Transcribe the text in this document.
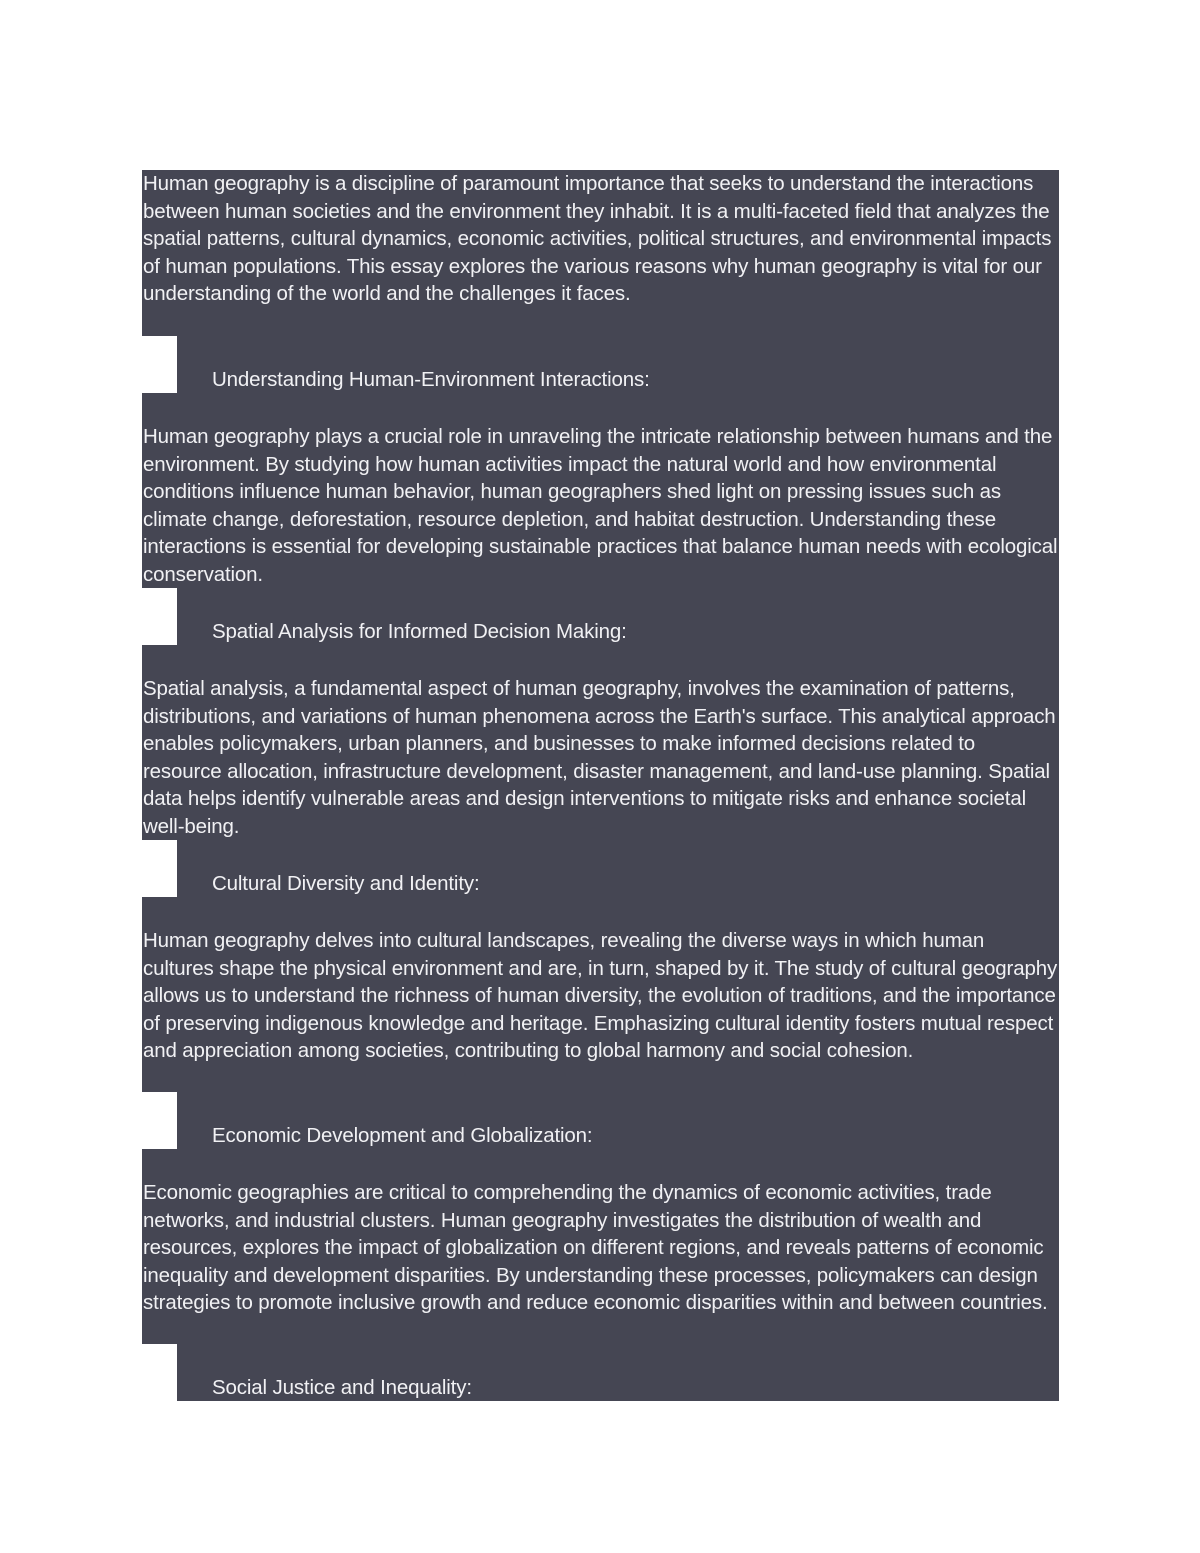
Human geography is a discipline of paramount importance that seeks to understand the interactions between human societies and the environment they inhabit. It is a multi-faceted field that analyzes the spatial patterns, cultural dynamics, economic activities, political structures, and environmental impacts of human populations. This essay explores the various reasons why human geography is vital for our understanding of the world and the challenges it faces.

Understanding Human-Environment Interactions:

Human geography plays a crucial role in unraveling the intricate relationship between humans and the environment. By studying how human activities impact the natural world and how environmental conditions influence human behavior, human geographers shed light on pressing issues such as climate change, deforestation, resource depletion, and habitat destruction. Understanding these interactions is essential for developing sustainable practices that balance human needs with ecological conservation.

Spatial Analysis for Informed Decision Making:

Spatial analysis, a fundamental aspect of human geography, involves the examination of patterns, distributions, and variations of human phenomena across the Earth's surface. This analytical approach enables policymakers, urban planners, and businesses to make informed decisions related to resource allocation, infrastructure development, disaster management, and land-use planning. Spatial data helps identify vulnerable areas and design interventions to mitigate risks and enhance societal well-being.

Cultural Diversity and Identity:

Human geography delves into cultural landscapes, revealing the diverse ways in which human cultures shape the physical environment and are, in turn, shaped by it. The study of cultural geography allows us to understand the richness of human diversity, the evolution of traditions, and the importance of preserving indigenous knowledge and heritage. Emphasizing cultural identity fosters mutual respect and appreciation among societies, contributing to global harmony and social cohesion.

Economic Development and Globalization:

Economic geographies are critical to comprehending the dynamics of economic activities, trade networks, and industrial clusters. Human geography investigates the distribution of wealth and resources, explores the impact of globalization on different regions, and reveals patterns of economic inequality and development disparities. By understanding these processes, policymakers can design strategies to promote inclusive growth and reduce economic disparities within and between countries.

Social Justice and Inequality:
